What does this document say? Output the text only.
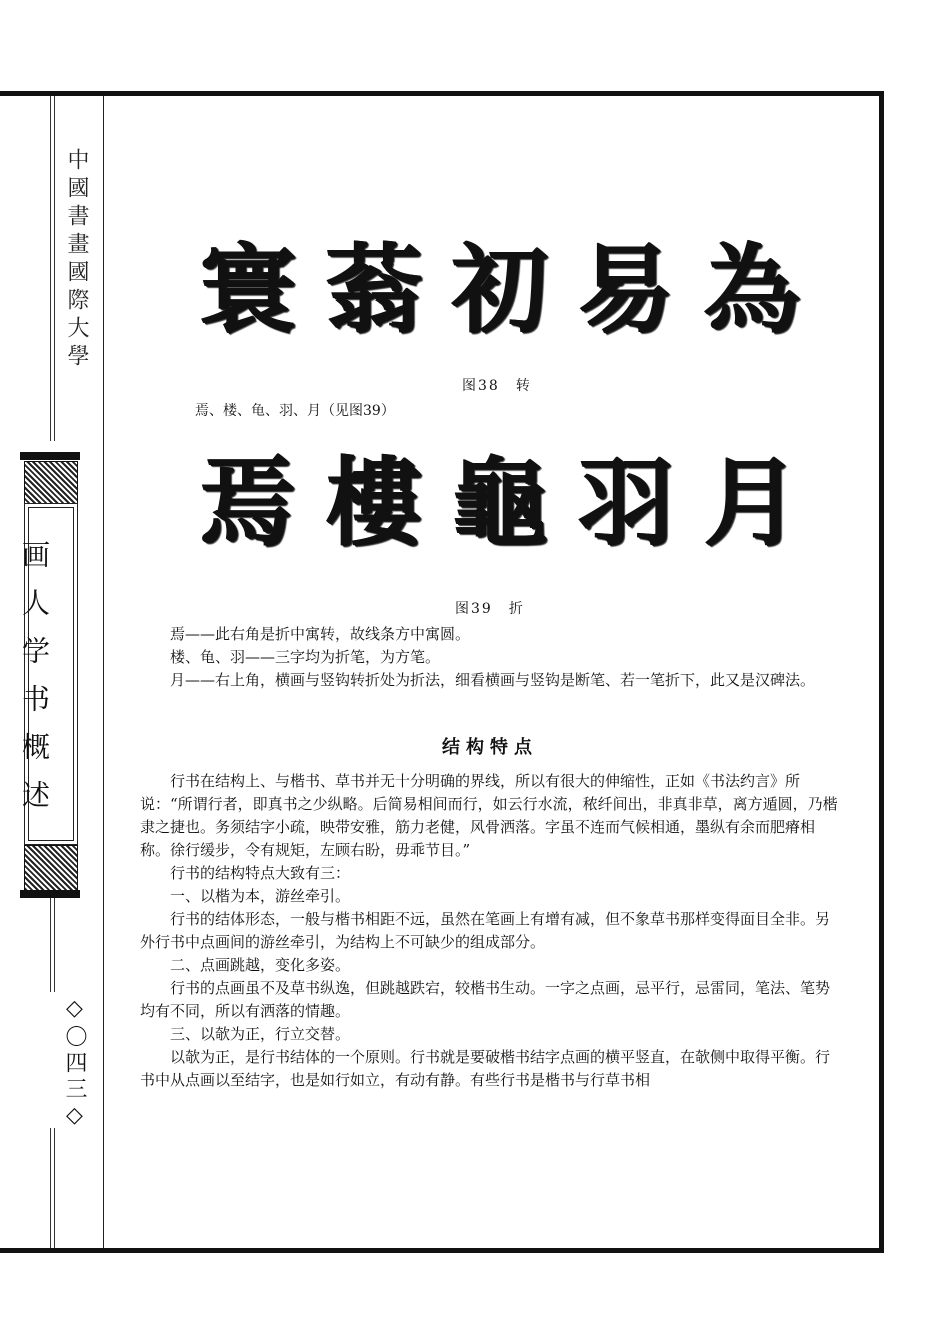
中國書畫國際大學
画人学书概述
◇〇四三◇
寰 蓊 初 易 為
图38　转
焉、楼、龟、羽、月（见图39）
焉 樓 龜 羽 月
图39　折

焉——此右角是折中寓转，故线条方中寓圆。

楼、龟、羽——三字均为折笔，为方笔。

月——右上角，横画与竖钩转折处为折法，细看横画与竖钩是断笔、若一笔折下，此又是汉碑法。

结构特点

行书在结构上、与楷书、草书并无十分明确的界线，所以有很大的伸缩性，正如《书法约言》所说：“所谓行者，即真书之少纵略。后简易相间而行，如云行水流，秾纤间出，非真非草，离方遁圆，乃楷隶之捷也。务须结字小疏，映带安雅，筋力老健，风骨洒落。字虽不连而气候相通，墨纵有余而肥瘠相称。徐行缓步，令有规矩，左顾右盼，毋乖节目。”

行书的结构特点大致有三：

一、以楷为本，游丝牵引。

行书的结体形态，一般与楷书相距不远，虽然在笔画上有增有减，但不象草书那样变得面目全非。另外行书中点画间的游丝牵引，为结构上不可缺少的组成部分。

二、点画跳越，变化多姿。

行书的点画虽不及草书纵逸，但跳越跌宕，较楷书生动。一字之点画，忌平行，忌雷同，笔法、笔势均有不同，所以有洒落的情趣。

三、以欹为正，行立交替。

以欹为正，是行书结体的一个原则。行书就是要破楷书结字点画的横平竖直，在欹侧中取得平衡。行书中从点画以至结字，也是如行如立，有动有静。有些行书是楷书与行草书相
